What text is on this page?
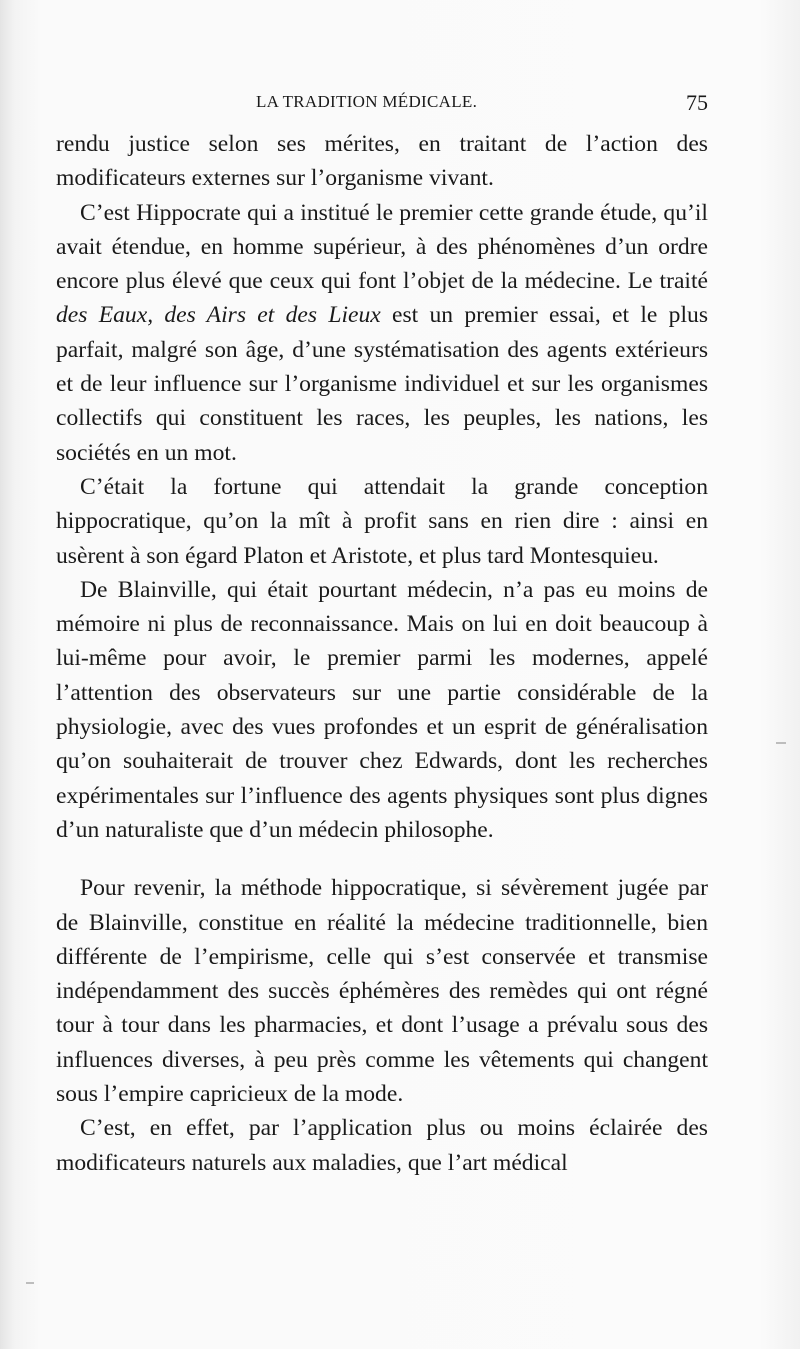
LA TRADITION MÉDICALE.	75

rendu justice selon ses mérites, en traitant de l’action des modificateurs externes sur l’organisme vivant.

C’est Hippocrate qui a institué le premier cette grande étude, qu’il avait étendue, en homme supérieur, à des phénomènes d’un ordre encore plus élevé que ceux qui font l’objet de la médecine. Le traité des Eaux, des Airs et des Lieux est un premier essai, et le plus parfait, malgré son âge, d’une systématisation des agents extérieurs et de leur influence sur l’organisme individuel et sur les organismes collectifs qui constituent les races, les peuples, les nations, les sociétés en un mot.

C’était la fortune qui attendait la grande conception hippocratique, qu’on la mît à profit sans en rien dire : ainsi en usèrent à son égard Platon et Aristote, et plus tard Montesquieu.

De Blainville, qui était pourtant médecin, n’a pas eu moins de mémoire ni plus de reconnaissance. Mais on lui en doit beaucoup à lui-même pour avoir, le premier parmi les modernes, appelé l’attention des observateurs sur une partie considérable de la physiologie, avec des vues profondes et un esprit de généralisation qu’on souhaiterait de trouver chez Edwards, dont les recherches expérimentales sur l’influence des agents physiques sont plus dignes d’un naturaliste que d’un médecin philosophe.

Pour revenir, la méthode hippocratique, si sévèrement jugée par de Blainville, constitue en réalité la médecine traditionnelle, bien différente de l’empirisme, celle qui s’est conservée et transmise indépendamment des succès éphémères des remèdes qui ont régné tour à tour dans les pharmacies, et dont l’usage a prévalu sous des influences diverses, à peu près comme les vêtements qui changent sous l’empire capricieux de la mode.

C’est, en effet, par l’application plus ou moins éclairée des modificateurs naturels aux maladies, que l’art médical
